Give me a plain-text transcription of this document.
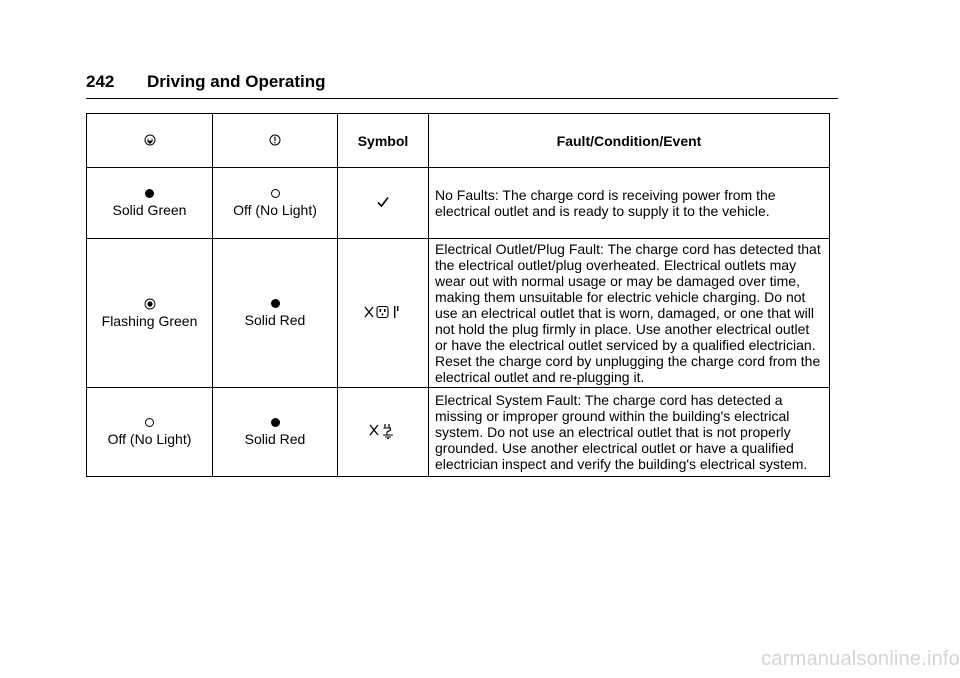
242 Driving and Operating
		Symbol	Fault/Condition/Event

Solid Green	Off (No Light)		No Faults: The charge cord is receiving power from the electrical outlet and is ready to supply it to the vehicle.

Flashing Green	Solid Red		Electrical Outlet/Plug Fault: The charge cord has detected that the electrical outlet/plug overheated. Electrical outlets may wear out with normal usage or may be damaged over time, making them unsuitable for electric vehicle charging. Do not use an electrical outlet that is worn, damaged, or one that will not hold the plug firmly in place. Use another electrical outlet or have the electrical outlet serviced by a qualified electrician. Reset the charge cord by unplugging the charge cord from the electrical outlet and re-plugging it.

Off (No Light)	Solid Red		Electrical System Fault: The charge cord has detected a missing or improper ground within the building's electrical system. Do not use an electrical outlet that is not properly grounded. Use another electrical outlet or have a qualified electrician inspect and verify the building's electrical system.
carmanualsonline.info
